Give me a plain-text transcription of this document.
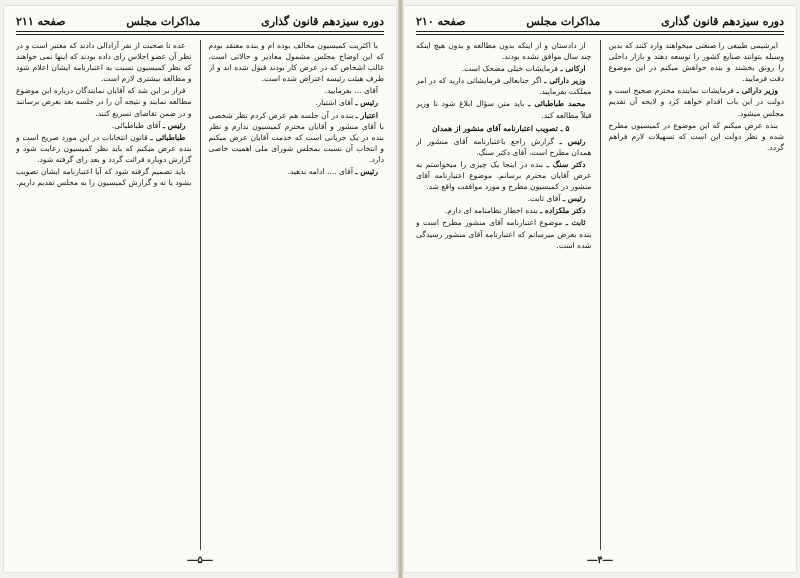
دوره سیزدهم قانون گذاری
مذاکرات مجلس
صفحه ۲۱۱

با اکثریت کمیسیون مخالف بوده ام و بنده معتقد بودم که این اوضاح مجلس مشمول معاذیر و حالاتی است، غالب اشخاص که در عرض کار بودند قبول شده اند و از طرف هیئت رئیسه اعتراض شده است.

آقای ... بفرمایید.

رئیس ـ آقای اشتیار.

اعتبار ـ بنده در آن جلسه هم عرض کردم نظر شخصی با آقای منشور و آقایان محترم کمیسیون ندارم و نظر بنده در یک جریانی است که خدمت آقایان عرض میکنم و انتخاب آن نسبت بمجلس شورای ملی اهمیت خاصی دارد.

رئیس ـ آقای ...، ادامه بدهید.

عده تا صحبت از نفر آزادالی دادند که معتبر است و در نظر آن عضو اجلاس رای داده بودند که اینها نمی خواهند که نظر کمیسیون نسبت به اعتبارنامه ایشان اعلام شود و مطالعه بیشتری لازم است.

قرار بر این شد که آقایان نمایندگان درباره این موضوع مطالعه نمایند و نتیجه آن را در جلسه بعد بعرض برسانند و در ضمن تقاضای تسریع کنند.

رئیس ـ آقای طباطبائی.

طباطبائی ـ قانون انتخابات در این مورد صریح است و بنده عرض میکنم که باید نظر کمیسیون رعایت شود و گزارش دوباره قرائت گردد و بعد رای گرفته شود.

باید تصمیم گرفته شود که آیا اعتبارنامه ایشان تصویب بشود یا نه و گزارش کمیسیون را به مجلس تقدیم داریم.

―۵―
دوره سیزدهم قانون گذاری
مذاکرات مجلس
صفحه ۲۱۰

ابرشیمی طبیعی را صنعتی میخواهند وارد کنند که بدین وسیله بتوانند صنایع کشور را توسعه دهند و بازار داخلی را رونق بخشند و بنده خواهش میکنم در این موضوع دقت فرمایید.

وزیر دارائی ـ فرمایشات نماینده محترم صحیح است و دولت در این باب اقدام خواهد کرد و لایحه آن تقدیم مجلس میشود.

بنده عرض میکنم که این موضوع در کمیسیون مطرح شده و نظر دولت این است که تسهیلات لازم فراهم گردد.

از دادستان و از اینکه بدون مطالعه و بدون هیچ اینکه چند سال موافق نشده بودند.

ارکانی ـ فرمایشات خیلی مضحک است.

وزیر دارائی ـ اگر جنابعالی فرمایشاتی دارید که در امر مملکت بفرمایید.

محمد طباطبائی ـ باید متن سؤال ابلاغ شود تا وزیر قبلاً مطالعه کند.

۵ ـ تصویب اعتبارنامه آقای منشور از همدان

رئیس ـ گزارش راجع باعتبارنامه آقای منشور از همدان مطرح است، آقای دکتر سنگ.

دکتر سنگ ـ بنده در اینجا یک چیزی را میخواستم به عرض آقایان محترم برسانم. موضوع اعتبارنامه آقای منشور در کمیسیون مطرح و مورد موافقت واقع شد.

رئیس ـ آقای ثابت.

دکتر ملکزاده ـ بنده اخطار نظامنامه ای دارم.

ثابت ـ موضوع اعتبارنامه آقای منشور مطرح است و بنده بعرض میرسانم که اعتبارنامه آقای منشور رسیدگی شده است.

―۴―
